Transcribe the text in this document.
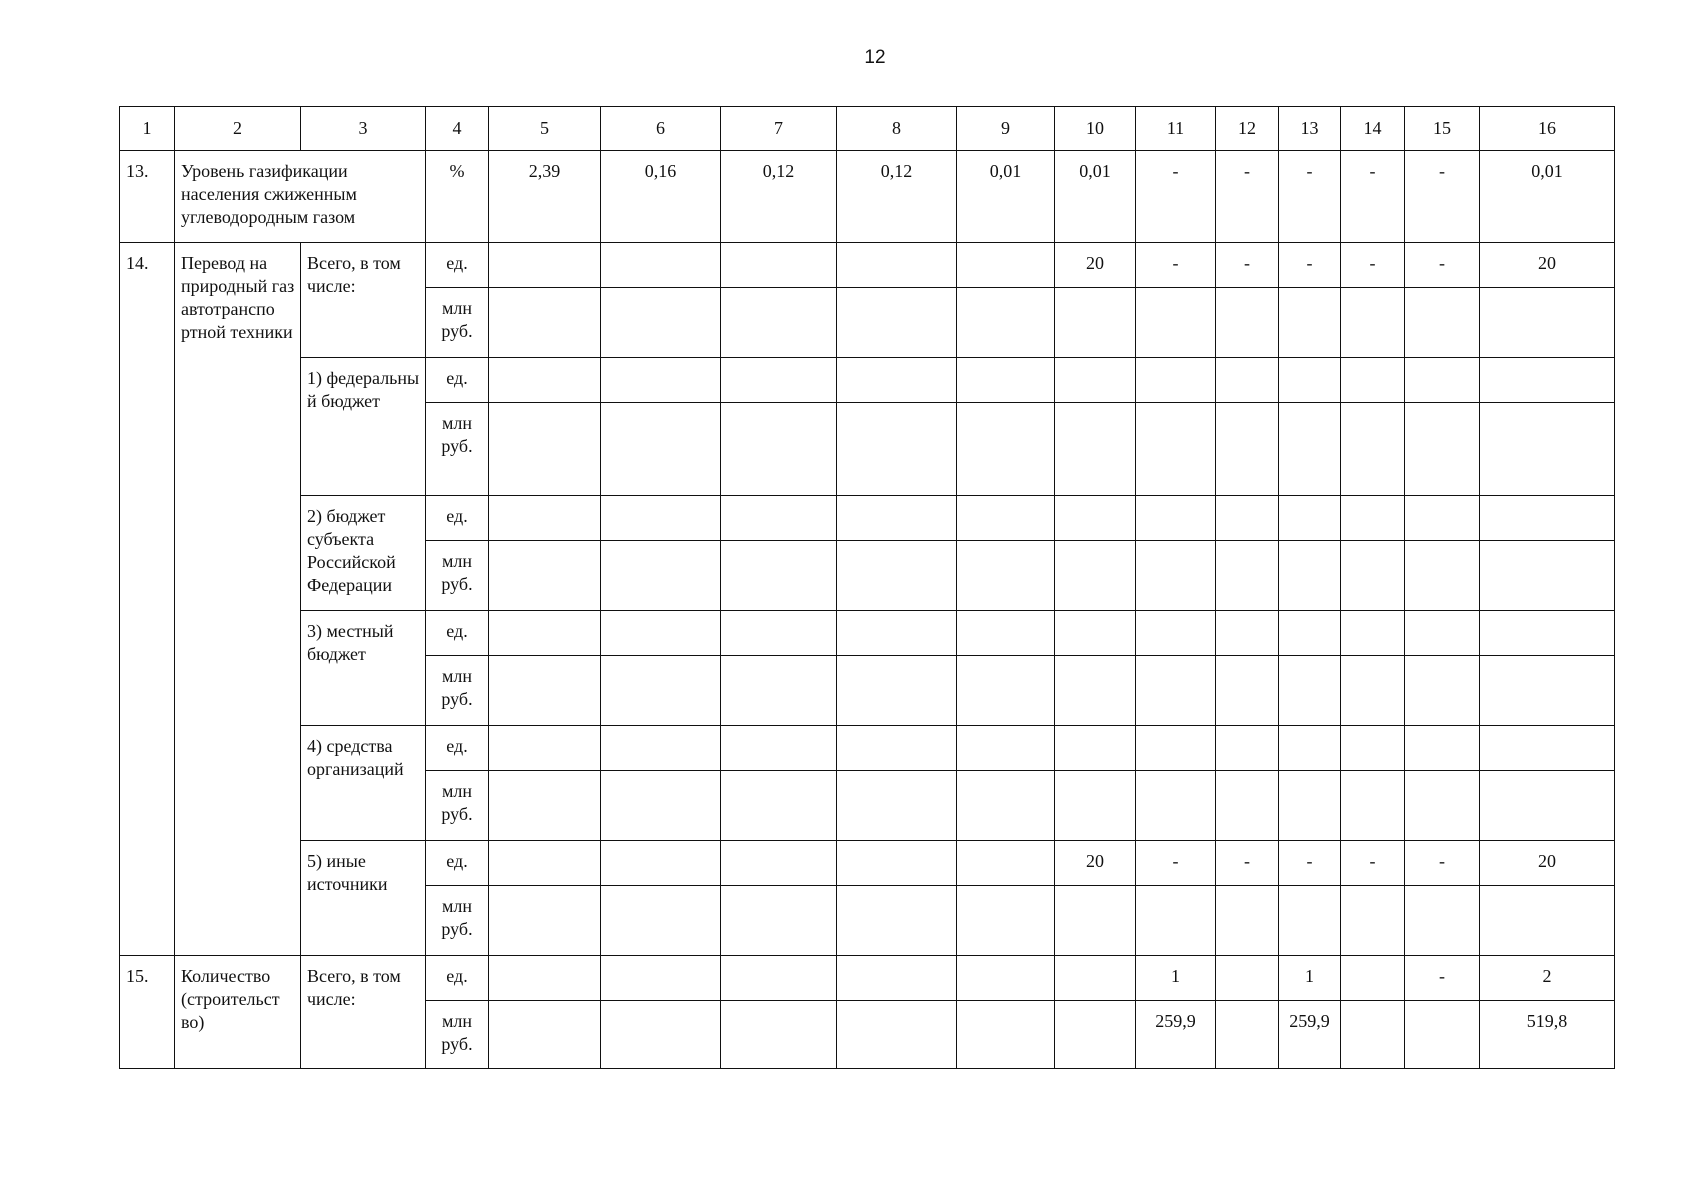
12
1	2	3	4	5	6	7	8	9	10	11	12	13	14	15	16
13.	Уровень газификации населения сжиженным углеводородным газом		%	2,39	0,16	0,12	0,12	0,01	0,01	-	-	-	-	-	0,01
14.	Перевод на природный газ автотранспо ртной техники	Всего, в том числе:	ед.						20	-	-	-	-	-	20
			млн руб.												
		1) федеральны й бюджет	ед.												
			млн руб.												
		2) бюджет субъекта Российской Федерации	ед.												
			млн руб.												
		3) местный бюджет	ед.												
			млн руб.												
		4) средства организаций	ед.												
			млн руб.												
		5) иные источники	ед.						20	-	-	-	-	-	20
			млн руб.												
15.	Количество (строительст во)	Всего, в том числе:	ед.							1		1		-	2
			млн руб.							259,9		259,9			519,8
